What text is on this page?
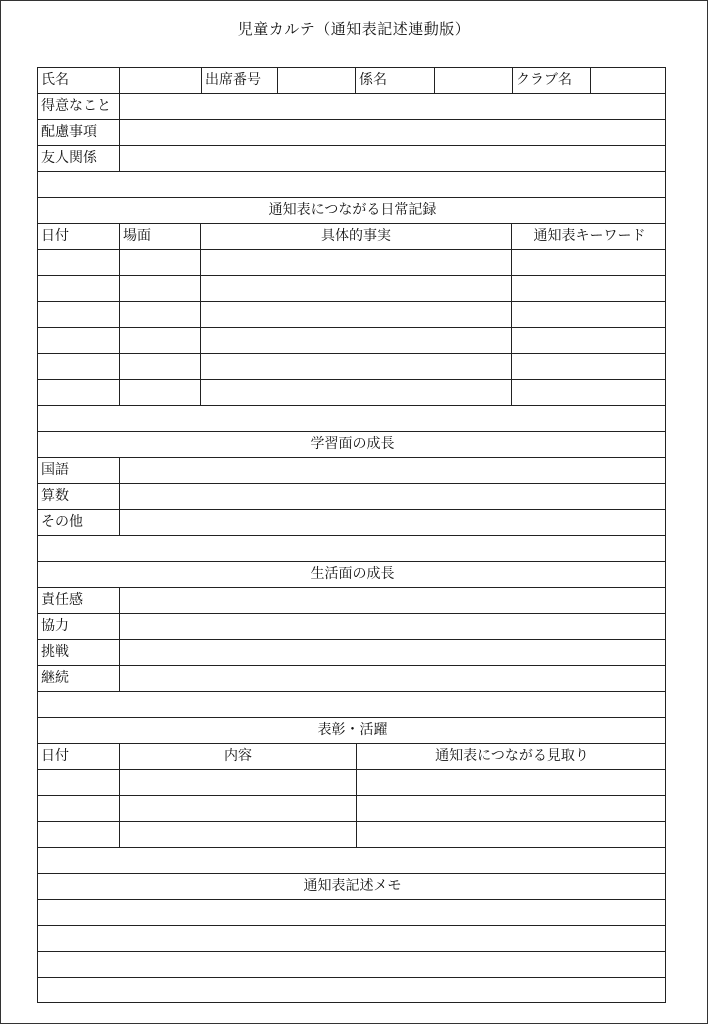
児童カルテ（通知表記述連動版）
氏名	出席番号	係名	クラブ名
得意なこと
配慮事項
友人関係
通知表につながる日常記録
日付	場面	具体的事実	通知表キーワード
学習面の成長
国語
算数
その他
生活面の成長
責任感
協力
挑戦
継続
表彰・活躍
日付	内容	通知表につながる見取り
通知表記述メモ
